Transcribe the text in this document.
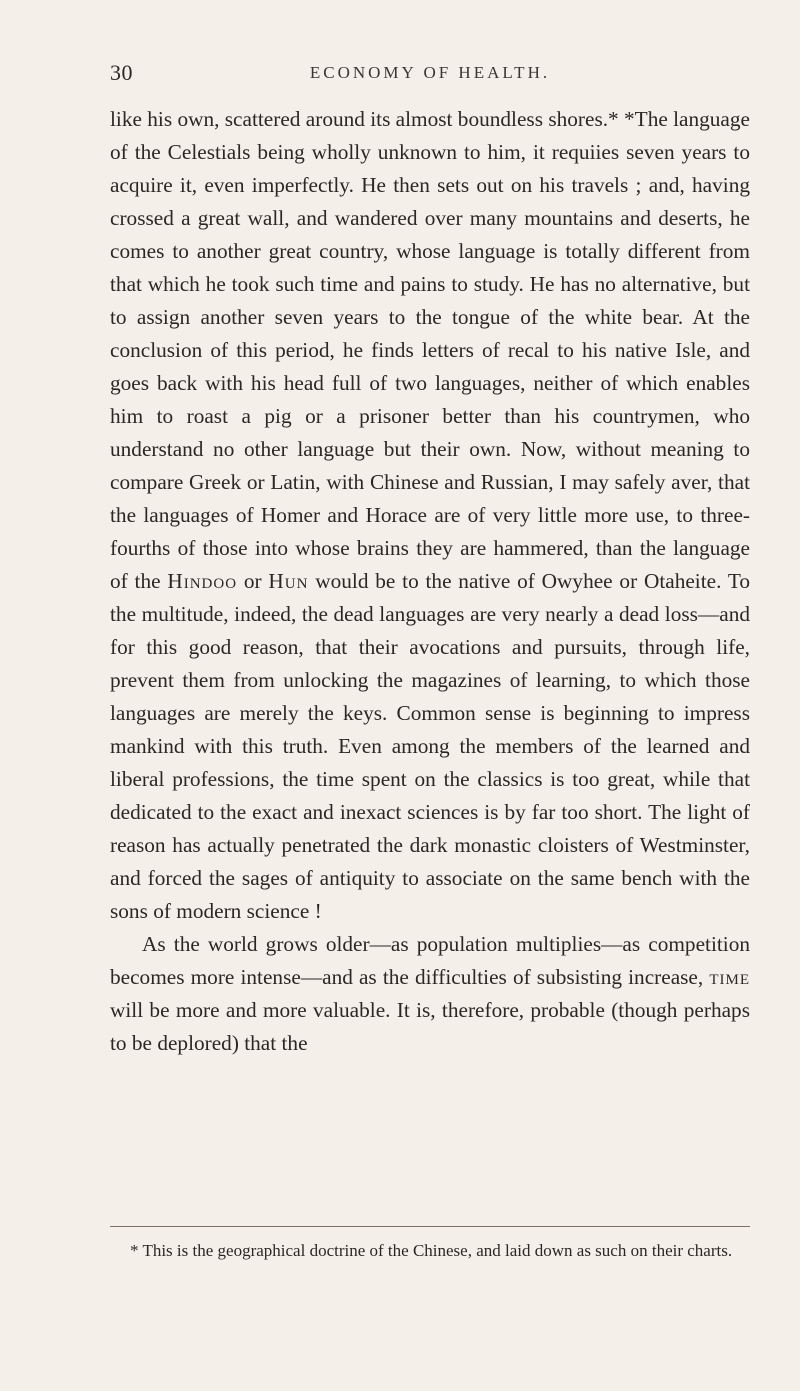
30	ECONOMY OF HEALTH.

like his own, scattered around its almost boundless shores.* *The language of the Celestials being wholly unknown to him, it requiies seven years to acquire it, even imperfectly. He then sets out on his travels ; and, having crossed a great wall, and wandered over many mountains and deserts, he comes to another great country, whose language is totally different from that which he took such time and pains to study. He has no alternative, but to assign another seven years to the tongue of the white bear. At the conclusion of this period, he finds letters of recal to his native Isle, and goes back with his head full of two languages, neither of which enables him to roast a pig or a prisoner better than his countrymen, who understand no other language but their own. Now, without meaning to compare Greek or Latin, with Chinese and Russian, I may safely aver, that the languages of Homer and Horace are of very little more use, to three-fourths of those into whose brains they are hammered, than the language of the Hindoo or Hun would be to the native of Owyhee or Otaheite. To the multitude, indeed, the dead languages are very nearly a dead loss—and for this good reason, that their avocations and pursuits, through life, prevent them from unlocking the magazines of learning, to which those languages are merely the keys. Common sense is beginning to impress mankind with this truth. Even among the members of the learned and liberal professions, the time spent on the classics is too great, while that dedicated to the exact and inexact sciences is by far too short. The light of reason has actually penetrated the dark monastic cloisters of Westminster, and forced the sages of antiquity to associate on the same bench with the sons of modern science !

As the world grows older—as population multiplies—as competition becomes more intense—and as the difficulties of subsisting increase, time will be more and more valuable. It is, therefore, probable (though perhaps to be deplored) that the

* This is the geographical doctrine of the Chinese, and laid down as such on their charts.
